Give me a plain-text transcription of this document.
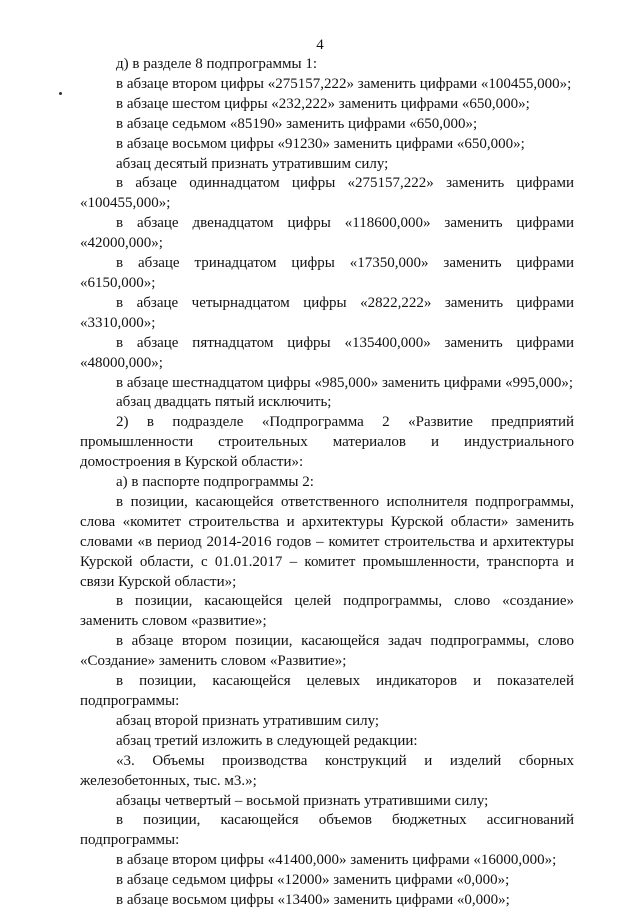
4

д) в разделе 8 подпрограммы 1:

в абзаце втором цифры «275157,222» заменить цифрами «100455,000»;

в абзаце шестом цифры «232,222» заменить цифрами «650,000»;

в абзаце седьмом «85190» заменить цифрами «650,000»;

в абзаце восьмом цифры «91230» заменить цифрами «650,000»;

абзац десятый признать утратившим силу;

в абзаце одиннадцатом цифры «275157,222» заменить цифрами «100455,000»;

в абзаце двенадцатом цифры «118600,000» заменить цифрами «42000,000»;

в абзаце тринадцатом цифры «17350,000» заменить цифрами «6150,000»;

в абзаце четырнадцатом цифры «2822,222» заменить цифрами «3310,000»;

в абзаце пятнадцатом цифры «135400,000» заменить цифрами «48000,000»;

в абзаце шестнадцатом цифры «985,000» заменить цифрами «995,000»;

абзац двадцать пятый исключить;

2) в подразделе «Подпрограмма 2 «Развитие предприятий промышленности строительных материалов и индустриального домостроения в Курской области»:

а) в паспорте подпрограммы 2:

в позиции, касающейся ответственного исполнителя подпрограммы, слова «комитет строительства и архитектуры Курской области» заменить словами «в период 2014-2016 годов – комитет строительства и архитектуры Курской области, с 01.01.2017 – комитет промышленности, транспорта и связи Курской области»;

в позиции, касающейся целей подпрограммы, слово «создание» заменить словом «развитие»;

в абзаце втором позиции, касающейся задач подпрограммы, слово «Создание» заменить словом «Развитие»;

в позиции, касающейся целевых индикаторов и показателей подпрограммы:

абзац второй признать утратившим силу;

абзац третий изложить в следующей редакции:

«3. Объемы производства конструкций и изделий сборных железобетонных, тыс. м3.»;

абзацы четвертый – восьмой признать утратившими силу;

в позиции, касающейся объемов бюджетных ассигнований подпрограммы:

в абзаце втором цифры «41400,000» заменить цифрами «16000,000»;

в абзаце седьмом цифры «12000» заменить цифрами «0,000»;

в абзаце восьмом цифры «13400» заменить цифрами «0,000»;
